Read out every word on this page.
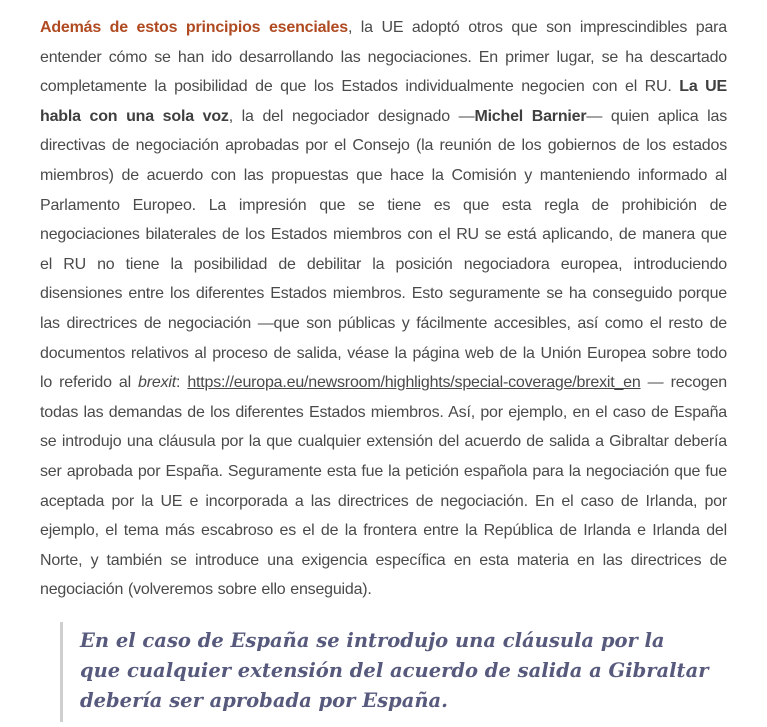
Además de estos principios esenciales, la UE adoptó otros que son imprescindibles para entender cómo se han ido desarrollando las negociaciones. En primer lugar, se ha descartado completamente la posibilidad de que los Estados individualmente negocien con el RU. La UE habla con una sola voz, la del negociador designado —Michel Barnier— quien aplica las directivas de negociación aprobadas por el Consejo (la reunión de los gobiernos de los estados miembros) de acuerdo con las propuestas que hace la Comisión y manteniendo informado al Parlamento Europeo. La impresión que se tiene es que esta regla de prohibición de negociaciones bilaterales de los Estados miembros con el RU se está aplicando, de manera que el RU no tiene la posibilidad de debilitar la posición negociadora europea, introduciendo disensiones entre los diferentes Estados miembros. Esto seguramente se ha conseguido porque las directrices de negociación —que son públicas y fácilmente accesibles, así como el resto de documentos relativos al proceso de salida, véase la página web de la Unión Europea sobre todo lo referido al brexit: https://europa.eu/newsroom/highlights/special-coverage/brexit_en — recogen todas las demandas de los diferentes Estados miembros. Así, por ejemplo, en el caso de España se introdujo una cláusula por la que cualquier extensión del acuerdo de salida a Gibraltar debería ser aprobada por España. Seguramente esta fue la petición española para la negociación que fue aceptada por la UE e incorporada a las directrices de negociación. En el caso de Irlanda, por ejemplo, el tema más escabroso es el de la frontera entre la República de Irlanda e Irlanda del Norte, y también se introduce una exigencia específica en esta materia en las directrices de negociación (volveremos sobre ello enseguida).

En el caso de España se introdujo una cláusula por la que cualquier extensión del acuerdo de salida a Gibraltar debería ser aprobada por España.
